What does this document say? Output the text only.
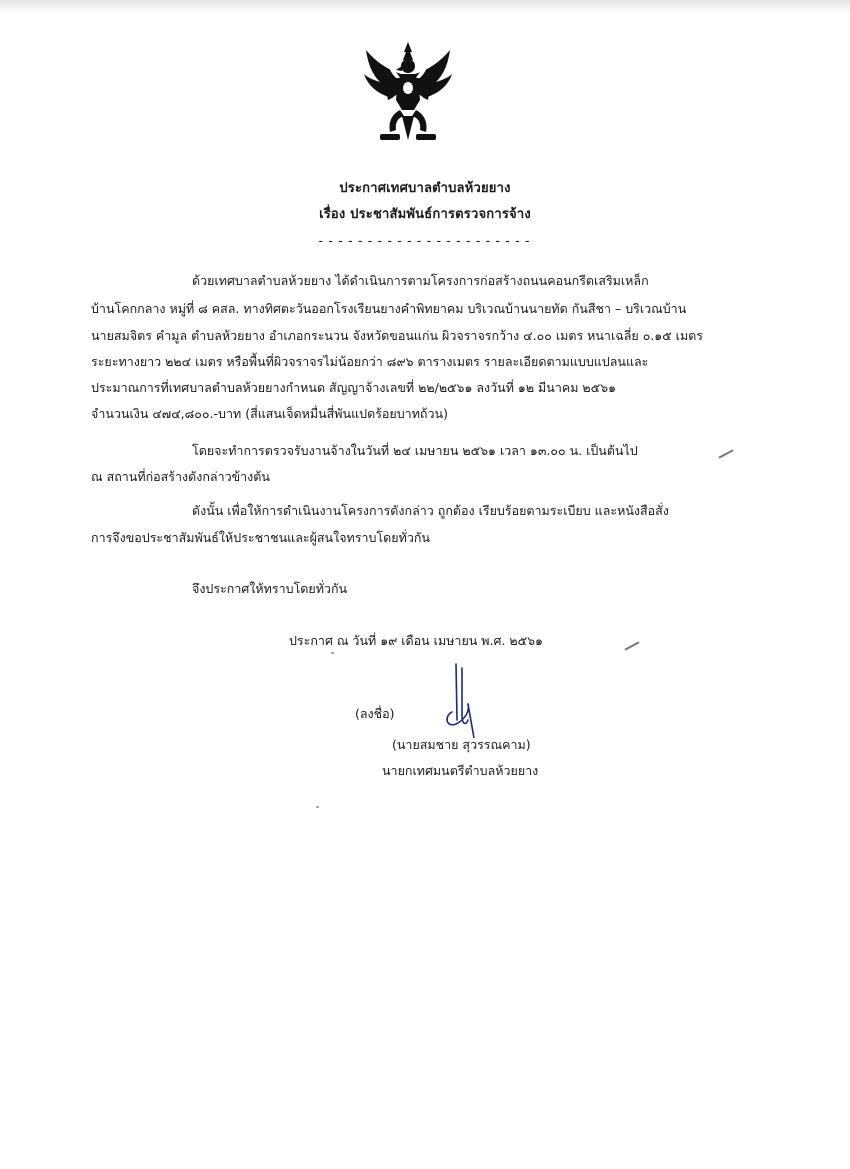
ประกาศเทศบาลตำบลห้วยยาง
เรื่อง ประชาสัมพันธ์การตรวจการจ้าง
----------------------
ด้วยเทศบาลตำบลห้วยยาง ได้ดำเนินการตามโครงการก่อสร้างถนนคอนกรีตเสริมเหล็ก
บ้านโคกกลาง หมู่ที่ ๘ คสล. ทางทิศตะวันออกโรงเรียนยางคำพิทยาคม บริเวณบ้านนายทัด กันสีชา – บริเวณบ้าน
นายสมจิตร คำมูล ตำบลห้วยยาง อำเภอกระนวน จังหวัดขอนแก่น ผิวจราจรกว้าง ๔.๐๐ เมตร หนาเฉลี่ย ๐.๑๕ เมตร
ระยะทางยาว ๒๒๔ เมตร หรือพื้นที่ผิวจราจรไม่น้อยกว่า ๘๙๖ ตารางเมตร รายละเอียดตามแบบแปลนและ
ประมาณการที่เทศบาลตำบลห้วยยางกำหนด สัญญาจ้างเลขที่ ๒๒/๒๕๖๑ ลงวันที่ ๑๒ มีนาคม ๒๕๖๑
จำนวนเงิน ๔๗๔,๘๐๐.-บาท (สี่แสนเจ็ดหมื่นสี่พันแปดร้อยบาทถ้วน)
โดยจะทำการตรวจรับงานจ้างในวันที่ ๒๔ เมษายน ๒๕๖๑ เวลา ๑๓.๐๐ น. เป็นต้นไป
ณ สถานที่ก่อสร้างดังกล่าวข้างต้น
ดังนั้น เพื่อให้การดำเนินงานโครงการดังกล่าว ถูกต้อง เรียบร้อยตามระเบียบ และหนังสือสั่ง
การจึงขอประชาสัมพันธ์ให้ประชาชนและผู้สนใจทราบโดยทั่วกัน
จึงประกาศให้ทราบโดยทั่วกัน
ประกาศ ณ วันที่ ๑๙ เดือน เมษายน พ.ศ. ๒๕๖๑
(ลงชื่อ)
(นายสมชาย สุวรรณคาม)
นายกเทศมนตรีตำบลห้วยยาง
